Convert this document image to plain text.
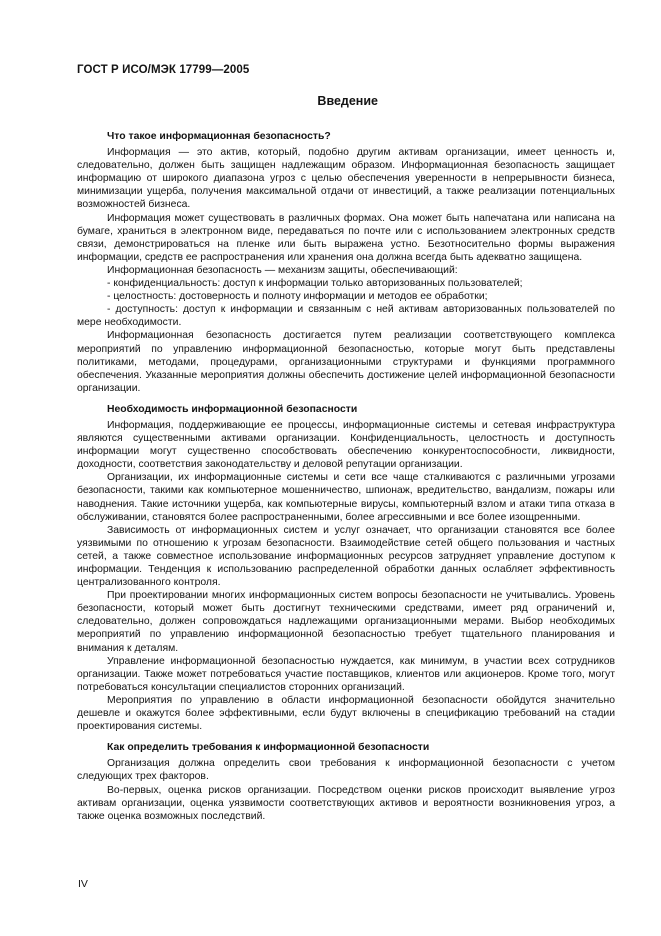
ГОСТ Р ИСО/МЭК 17799—2005
Введение
Что такое информационная безопасность?

Информация — это актив, который, подобно другим активам организации, имеет ценность и, следовательно, должен быть защищен надлежащим образом. Информационная безопасность защищает информацию от широкого диапазона угроз с целью обеспечения уверенности в непрерывности бизнеса, минимизации ущерба, получения максимальной отдачи от инвестиций, а также реализации потенциальных возможностей бизнеса.

Информация может существовать в различных формах. Она может быть напечатана или написана на бумаге, храниться в электронном виде, передаваться по почте или с использованием электронных средств связи, демонстрироваться на пленке или быть выражена устно. Безотносительно формы выражения информации, средств ее распространения или хранения она должна всегда быть адекватно защищена.

Информационная безопасность — механизм защиты, обеспечивающий:

- конфиденциальность: доступ к информации только авторизованных пользователей;

- целостность: достоверность и полноту информации и методов ее обработки;

- доступность: доступ к информации и связанным с ней активам авторизованных пользователей по мере необходимости.

Информационная безопасность достигается путем реализации соответствующего комплекса мероприятий по управлению информационной безопасностью, которые могут быть представлены политиками, методами, процедурами, организационными структурами и функциями программного обеспечения. Указанные мероприятия должны обеспечить достижение целей информационной безопасности организации.

Необходимость информационной безопасности

Информация, поддерживающие ее процессы, информационные системы и сетевая инфраструктура являются существенными активами организации. Конфиденциальность, целостность и доступность информации могут существенно способствовать обеспечению конкурентоспособности, ликвидности, доходности, соответствия законодательству и деловой репутации организации.

Организации, их информационные системы и сети все чаще сталкиваются с различными угрозами безопасности, такими как компьютерное мошенничество, шпионаж, вредительство, вандализм, пожары или наводнения. Такие источники ущерба, как компьютерные вирусы, компьютерный взлом и атаки типа отказа в обслуживании, становятся более распространенными, более агрессивными и все более изощренными.

Зависимость от информационных систем и услуг означает, что организации становятся все более уязвимыми по отношению к угрозам безопасности. Взаимодействие сетей общего пользования и частных сетей, а также совместное использование информационных ресурсов затрудняет управление доступом к информации. Тенденция к использованию распределенной обработки данных ослабляет эффективность централизованного контроля.

При проектировании многих информационных систем вопросы безопасности не учитывались. Уровень безопасности, который может быть достигнут техническими средствами, имеет ряд ограничений и, следовательно, должен сопровождаться надлежащими организационными мерами. Выбор необходимых мероприятий по управлению информационной безопасностью требует тщательного планирования и внимания к деталям.

Управление информационной безопасностью нуждается, как минимум, в участии всех сотрудников организации. Также может потребоваться участие поставщиков, клиентов или акционеров. Кроме того, могут потребоваться консультации специалистов сторонних организаций.

Мероприятия по управлению в области информационной безопасности обойдутся значительно дешевле и окажутся более эффективными, если будут включены в спецификацию требований на стадии проектирования системы.

Как определить требования к информационной безопасности

Организация должна определить свои требования к информационной безопасности с учетом следующих трех факторов.

Во-первых, оценка рисков организации. Посредством оценки рисков происходит выявление угроз активам организации, оценка уязвимости соответствующих активов и вероятности возникновения угроз, а также оценка возможных последствий.

IV
